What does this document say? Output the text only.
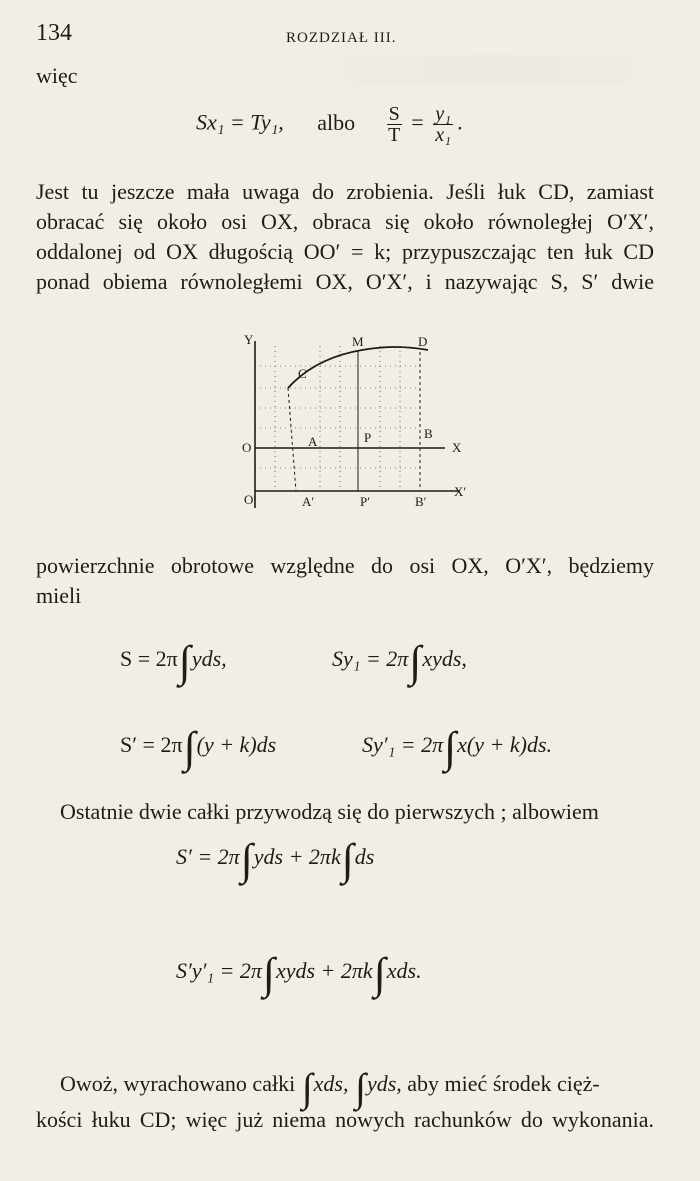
134	ROZDZIAŁ III.
więc
Sx₁ = Ty₁, albo $\frac{S}{T} = \frac{\text{y₁}}{\text{x₁}}$ .
Jest tu jeszcze mała uwaga do zrobienia. Jeśli łuk CD, zamiast
obracać się około osi OX, obraca się około równoległej O′X′,
oddalonej od OX długością OO′ = k; przypuszczając ten łuk CD
ponad obiema równoległemi OX, O′X′, i nazywając S, S′ dwie
Y	M	D
C
O	A	P	B
X
O′	A′	P′	B′
X′
powierzchnie obrotowe względne do osi OX, O′X′, będziemy
mieli
S = 2π∫yds,	Sy₁ = 2π∫xyds,
S′ = 2π∫(y + k)ds	Sy′₁ = 2π∫x(y + k)ds.
Ostatnie dwie całki przywodzą się do pierwszych ; albowiem
S′ = 2π∫yds + 2πk∫ds
S′y′₁ = 2π∫xyds + 2πk∫xds.
Owoż, wyrachowano całki ∫xds, ∫yds, aby mieć środek cięż-
kości łuku CD; więc już niema nowych rachunków do wykonania.
